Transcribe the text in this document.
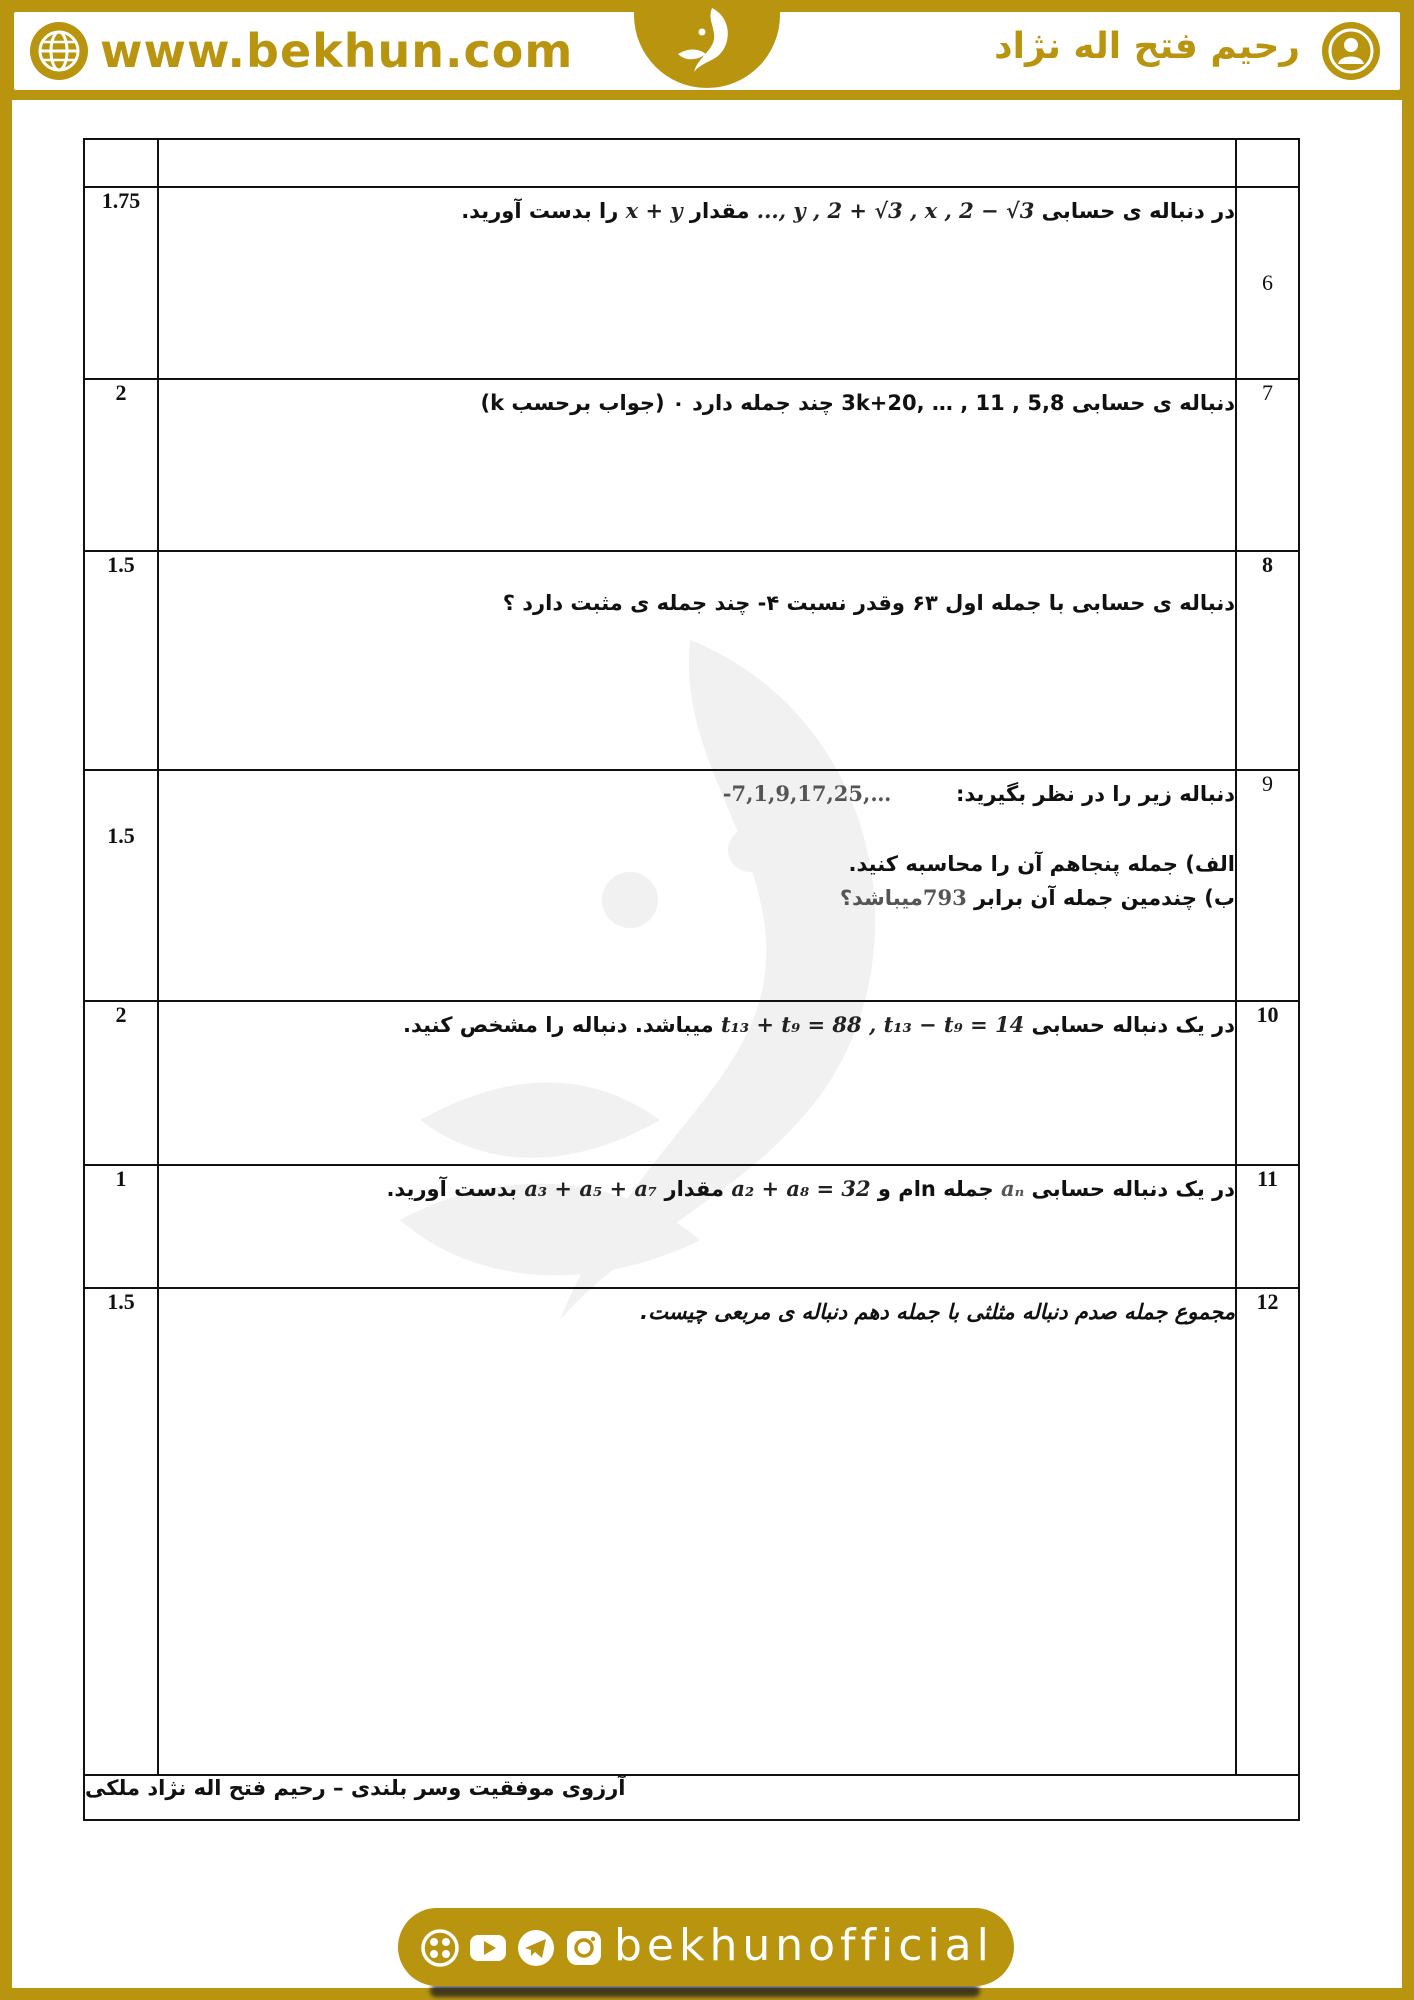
www.bekhun.com	رحیم فتح اله نژاد

1.75	در دنباله ی حسابی ..., y , 2 + √3 , x , 2 − √3 مقدار x + y را بدست آورید.	6
2	دنباله ی حسابی 3k+20, … , 11 , 5,8 چند جمله دارد ۰ (جواب برحسب k)	7
1.5	دنباله ی حسابی با جمله اول ۶۳ وقدر نسبت ۴- چند جمله ی مثبت دارد ؟	8
1.5	دنباله زیر را در نظر بگیرید:  -7,1,9,17,25,…
الف) جمله پنجاهم آن را محاسبه کنید.
ب) چندمین جمله آن برابر 793میباشد؟	9
2	در یک دنباله حسابی t₁₃ + t₉ = 88 , t₁₃ − t₉ = 14 میباشد. دنباله را مشخص کنید.	10
1	در یک دنباله حسابی aₙ جمله nام و a₂ + a₈ = 32 مقدار a₃ + a₅ + a₇ بدست آورید.	11
1.5	مجموع جمله صدم دنباله مثلثی با جمله دهم دنباله ی مربعی چیست.	12
آرزوی موفقیت وسر بلندی – رحیم فتح اله نژاد ملکی		
bekhunofficial
